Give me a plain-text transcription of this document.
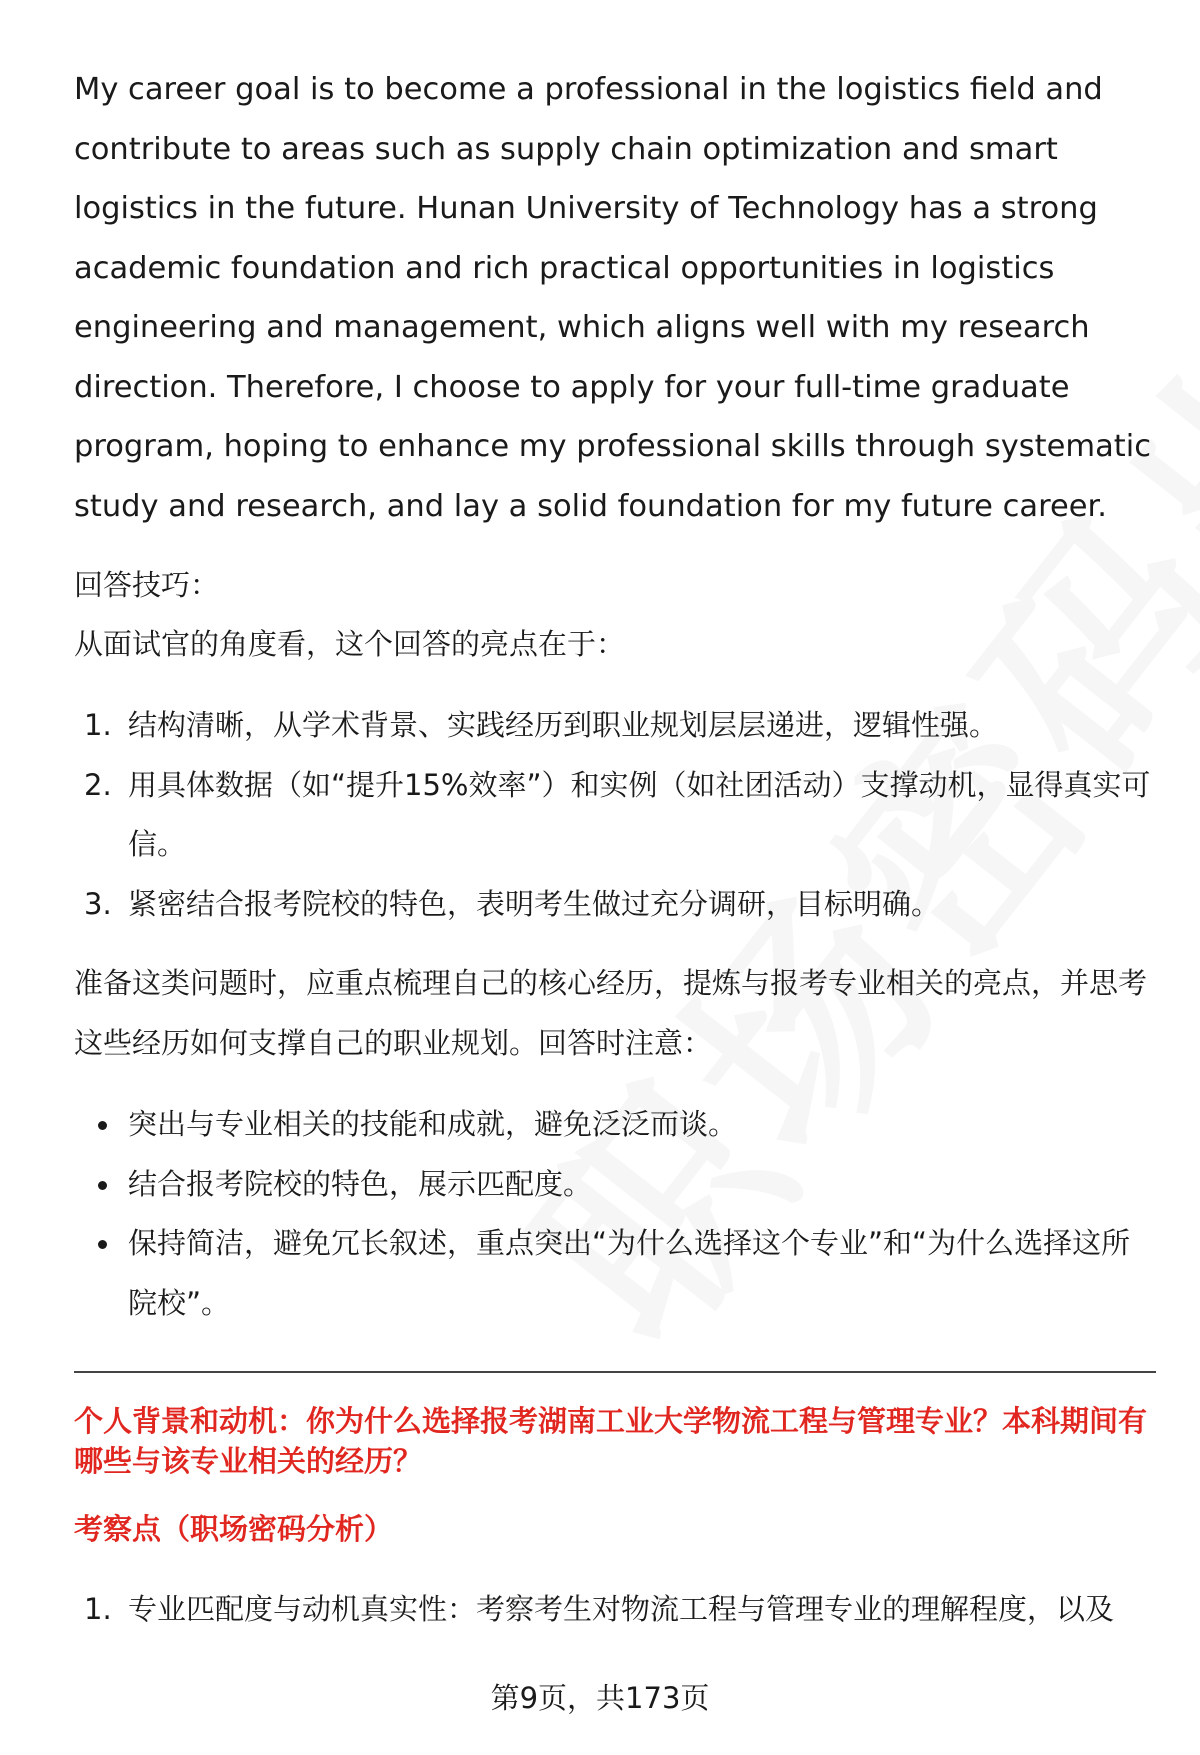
My career goal is to become a professional in the logistics field and contribute to areas such as supply chain optimization and smart logistics in the future. Hunan University of Technology has a strong academic foundation and rich practical opportunities in logistics engineering and management, which aligns well with my research direction. Therefore, I choose to apply for your full-time graduate program, hoping to enhance my professional skills through systematic study and research, and lay a solid foundation for my future career.

回答技巧：

从面试官的角度看，这个回答的亮点在于：

1. 结构清晰，从学术背景、实践经历到职业规划层层递进，逻辑性强。
2. 用具体数据（如“提升15%效率”）和实例（如社团活动）支撑动机，显得真实可信。
3. 紧密结合报考院校的特色，表明考生做过充分调研，目标明确。

准备这类问题时，应重点梳理自己的核心经历，提炼与报考专业相关的亮点，并思考这些经历如何支撑自己的职业规划。回答时注意：

突出与专业相关的技能和成就，避免泛泛而谈。
结合报考院校的特色，展示匹配度。
保持简洁，避免冗长叙述，重点突出“为什么选择这个专业”和“为什么选择这所院校”。

个人背景和动机：你为什么选择报考湖南工业大学物流工程与管理专业？本科期间有哪些与该专业相关的经历？

考察点（职场密码分析）

1. 专业匹配度与动机真实性：考察考生对物流工程与管理专业的理解程度，以及
第9页，共173页
